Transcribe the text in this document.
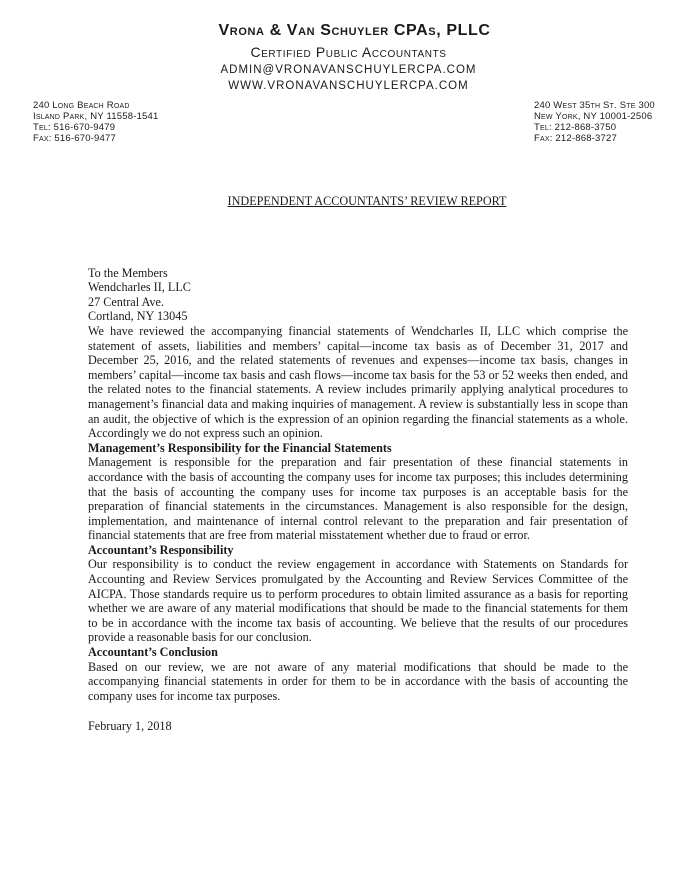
Vrona & Van Schuyler CPAs, PLLC
Certified Public Accountants
ADMIN@VRONAVANSCHUYLERCPA.COM
WWW.VRONAVANSCHUYLERCPA.COM
240 Long Beach Road
Island Park, NY 11558-1541
Tel: 516-670-9479
Fax: 516-670-9477
240 West 35th St. Ste 300
New York, NY 10001-2506
Tel: 212-868-3750
Fax: 212-868-3727
INDEPENDENT ACCOUNTANTS’ REVIEW REPORT
To the Members
Wendcharles II, LLC
27 Central Ave.
Cortland, NY 13045

We have reviewed the accompanying financial statements of Wendcharles II, LLC which comprise the statement of assets, liabilities and members’ capital—income tax basis as of December 31, 2017 and December 25, 2016, and the related statements of revenues and expenses—income tax basis, changes in members’ capital—income tax basis and cash flows—income tax basis for the 53 or 52 weeks then ended, and the related notes to the financial statements. A review includes primarily applying analytical procedures to management’s financial data and making inquiries of management. A review is substantially less in scope than an audit, the objective of which is the expression of an opinion regarding the financial statements as a whole. Accordingly we do not express such an opinion.

Management’s Responsibility for the Financial Statements

Management is responsible for the preparation and fair presentation of these financial statements in accordance with the basis of accounting the company uses for income tax purposes; this includes determining that the basis of accounting the company uses for income tax purposes is an acceptable basis for the preparation of financial statements in the circumstances. Management is also responsible for the design, implementation, and maintenance of internal control relevant to the preparation and fair presentation of financial statements that are free from material misstatement whether due to fraud or error.

Accountant’s Responsibility

Our responsibility is to conduct the review engagement in accordance with Statements on Standards for Accounting and Review Services promulgated by the Accounting and Review Services Committee of the AICPA. Those standards require us to perform procedures to obtain limited assurance as a basis for reporting whether we are aware of any material modifications that should be made to the financial statements for them to be in accordance with the income tax basis of accounting. We believe that the results of our procedures provide a reasonable basis for our conclusion.

Accountant’s Conclusion

Based on our review, we are not aware of any material modifications that should be made to the accompanying financial statements in order for them to be in accordance with the basis of accounting the company uses for income tax purposes.

February 1, 2018
